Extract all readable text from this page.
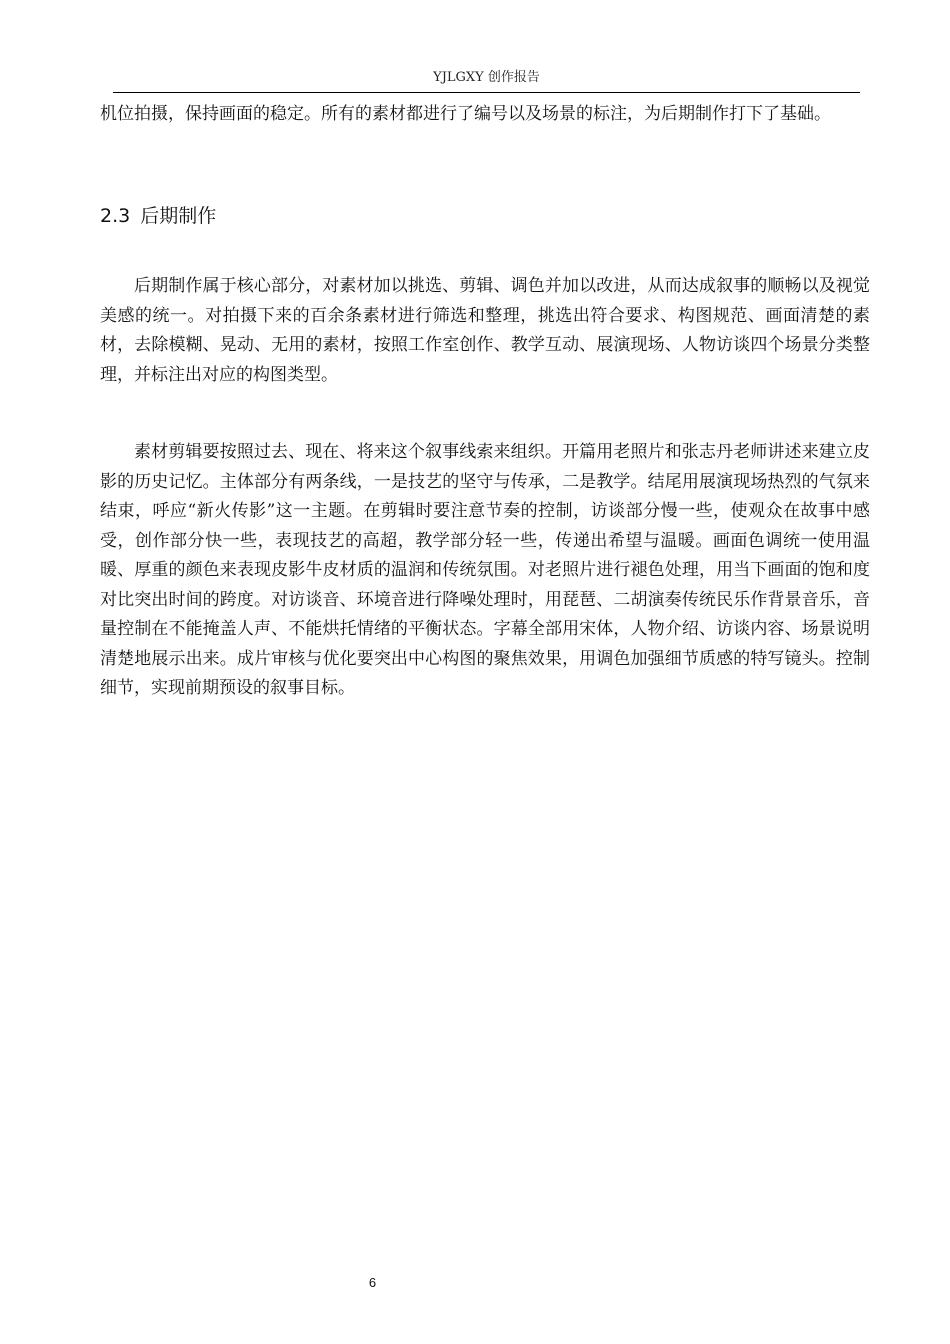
YJLGXY 创作报告

机位拍摄，保持画面的稳定。所有的素材都进行了编号以及场景的标注，为后期制作打下了基础。

2.3 后期制作

后期制作属于核心部分，对素材加以挑选、剪辑、调色并加以改进，从而达成叙事的顺畅以及视觉美感的统一。对拍摄下来的百余条素材进行筛选和整理，挑选出符合要求、构图规范、画面清楚的素材，去除模糊、晃动、无用的素材，按照工作室创作、教学互动、展演现场、人物访谈四个场景分类整理，并标注出对应的构图类型。

素材剪辑要按照过去、现在、将来这个叙事线索来组织。开篇用老照片和张志丹老师讲述来建立皮影的历史记忆。主体部分有两条线，一是技艺的坚守与传承，二是教学。结尾用展演现场热烈的气氛来结束，呼应“新火传影”这一主题。在剪辑时要注意节奏的控制，访谈部分慢一些，使观众在故事中感受，创作部分快一些，表现技艺的高超，教学部分轻一些，传递出希望与温暖。画面色调统一使用温暖、厚重的颜色来表现皮影牛皮材质的温润和传统氛围。对老照片进行褪色处理，用当下画面的饱和度对比突出时间的跨度。对访谈音、环境音进行降噪处理时，用琵琶、二胡演奏传统民乐作背景音乐，音量控制在不能掩盖人声、不能烘托情绪的平衡状态。字幕全部用宋体，人物介绍、访谈内容、场景说明清楚地展示出来。成片审核与优化要突出中心构图的聚焦效果，用调色加强细节质感的特写镜头。控制细节，实现前期预设的叙事目标。

6
